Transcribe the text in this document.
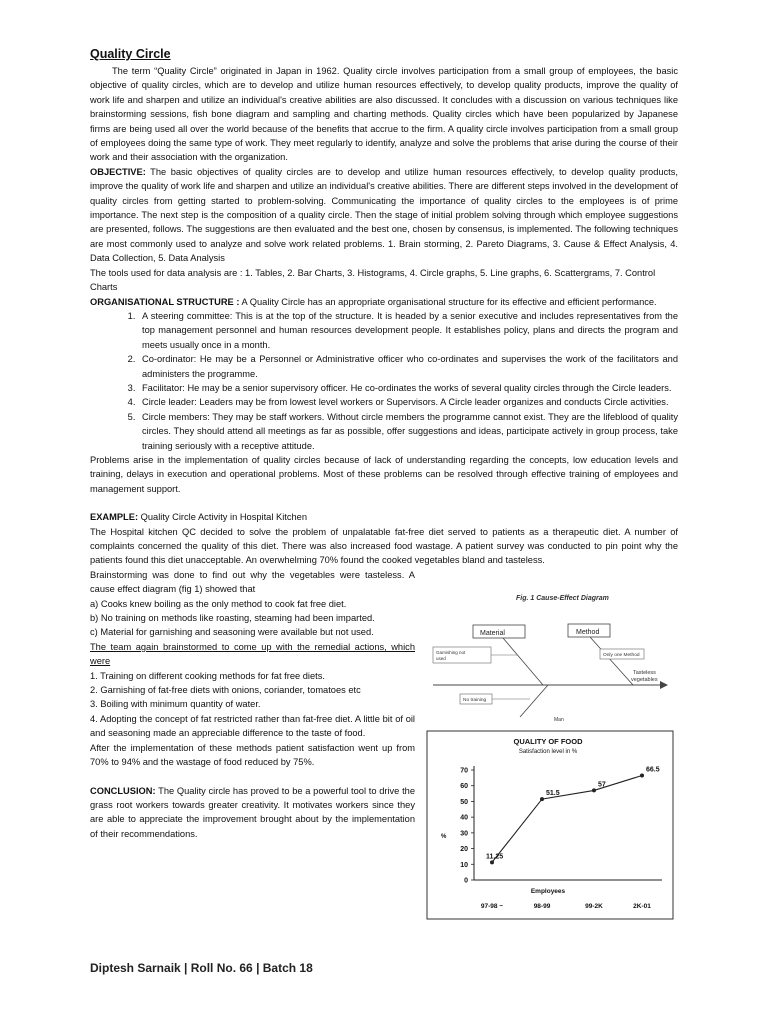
Quality Circle

The term “Quality Circle” originated in Japan in 1962. Quality circle involves participation from a small group of employees, the basic objective of quality circles, which are to develop and utilize human resources effectively, to develop quality products, improve the quality of work life and sharpen and utilize an individual's creative abilities are also discussed. It concludes with a discussion on various techniques like brainstorming sessions, fish bone diagram and sampling and charting methods. Quality circles which have been popularized by Japanese firms are being used all over the world because of the benefits that accrue to the firm. A quality circle involves participation from a small group of employees doing the same type of work. They meet regularly to identify, analyze and solve the problems that arise during the course of their work and their association with the organization.

OBJECTIVE: The basic objectives of quality circles are to develop and utilize human resources effectively, to develop quality products, improve the quality of work life and sharpen and utilize an individual's creative abilities. There are different steps involved in the development of quality circles from getting started to problem-solving. Communicating the importance of quality circles to the employees is of prime importance. The next step is the composition of a quality circle. Then the stage of initial problem solving through which employee suggestions are presented, follows. The suggestions are then evaluated and the best one, chosen by consensus, is implemented. The following techniques are most commonly used to analyze and solve work related problems. 1. Brain storming, 2. Pareto Diagrams, 3. Cause & Effect Analysis, 4. Data Collection, 5. Data Analysis

The tools used for data analysis are : 1. Tables, 2. Bar Charts, 3. Histograms, 4. Circle graphs, 5. Line graphs, 6. Scattergrams, 7. Control Charts

ORGANISATIONAL STRUCTURE : A Quality Circle has an appropriate organisational structure for its effective and efficient performance.

1. A steering committee: This is at the top of the structure. It is headed by a senior executive and includes representatives from the top management personnel and human resources development people. It establishes policy, plans and directs the program and meets usually once in a month.
2. Co-ordinator: He may be a Personnel or Administrative officer who co-ordinates and supervises the work of the facilitators and administers the programme.
3. Facilitator: He may be a senior supervisory officer. He co-ordinates the works of several quality circles through the Circle leaders.
4. Circle leader: Leaders may be from lowest level workers or Supervisors. A Circle leader organizes and conducts Circle activities.
5. Circle members: They may be staff workers. Without circle members the programme cannot exist. They are the lifeblood of quality circles. They should attend all meetings as far as possible, offer suggestions and ideas, participate actively in group process, take training seriously with a receptive attitude.

Problems arise in the implementation of quality circles because of lack of understanding regarding the concepts, low education levels and training, delays in execution and operational problems. Most of these problems can be resolved through effective training of employees and management support.

EXAMPLE: Quality Circle Activity in Hospital Kitchen

The Hospital kitchen QC decided to solve the problem of unpalatable fat-free diet served to patients as a therapeutic diet. A number of complaints concerned the quality of this diet. There was also increased food wastage. A patient survey was conducted to pin point why the patients found this diet unacceptable. An overwhelming 70% found the cooked vegetables bland and tasteless.

Brainstorming was done to find out why the vegetables were tasteless. A cause effect diagram (fig 1) showed that

a) Cooks knew boiling as the only method to cook fat free diet.

b) No training on methods like roasting, steaming had been imparted.

c) Material for garnishing and seasoning were available but not used.

The team again brainstormed to come up with the remedial actions, which were

1. Training on different cooking methods for fat free diets.

2. Garnishing of fat-free diets with onions, coriander, tomatoes etc

3. Boiling with minimum quantity of water.

4. Adopting the concept of fat restricted rather than fat-free diet. A little bit of oil and seasoning made an appreciable difference to the taste of food.

After the implementation of these methods patient satisfaction went up from 70% to 94% and the wastage of food reduced by 75%.

CONCLUSION: The Quality circle has proved to be a powerful tool to drive the grass root workers towards greater creativity. It motivates workers since they are able to appreciate the improvement brought about by the implementation of their recommendations.

Fig. 1 Cause-Effect Diagram
Material	Method
Garnishing not
used
Only one Method
Tasteless
vegetables
No training
Man
QUALITY OF FOOD
Satisfaction level in %
%
Employees
0
10
20
30
40
50
60
70
97-98 ~	98-99	99-2K	2K-01
11.25
51.5
57
66.5
Diptesh Sarnaik | Roll No. 66 | Batch 18
